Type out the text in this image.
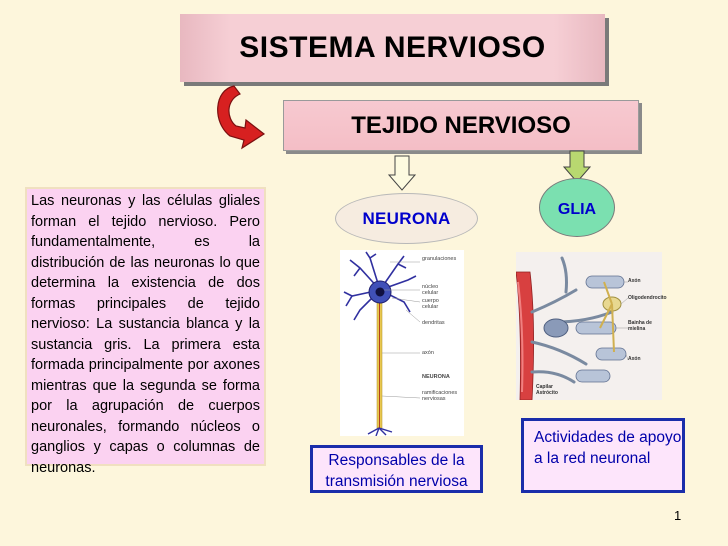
SISTEMA NERVIOSO
TEJIDO NERVIOSO
Las neuronas y las células gliales forman el tejido nervioso. Pero fundamentalmente, es la distribución de las neuronas lo que determina la existencia de dos formas principales de tejido nervioso: La sustancia blanca y la sustancia gris. La primera esta formada principalmente por axones mientras que la segunda se forma por la agrupación de cuerpos neuronales, formando núcleos o ganglios y capas o columnas de neuronas.
NEURONA	GLIA
granulaciones
núcleo celular
cuerpo celular
dendritas
axón
NEURONA
ramificaciones nerviosas
Axón
Oligodendrocito
Bainha de mielina
Axón
Capilar
Astrócito
Responsables de la transmisión nerviosa
Actividades de apoyo a la red neuronal
1
